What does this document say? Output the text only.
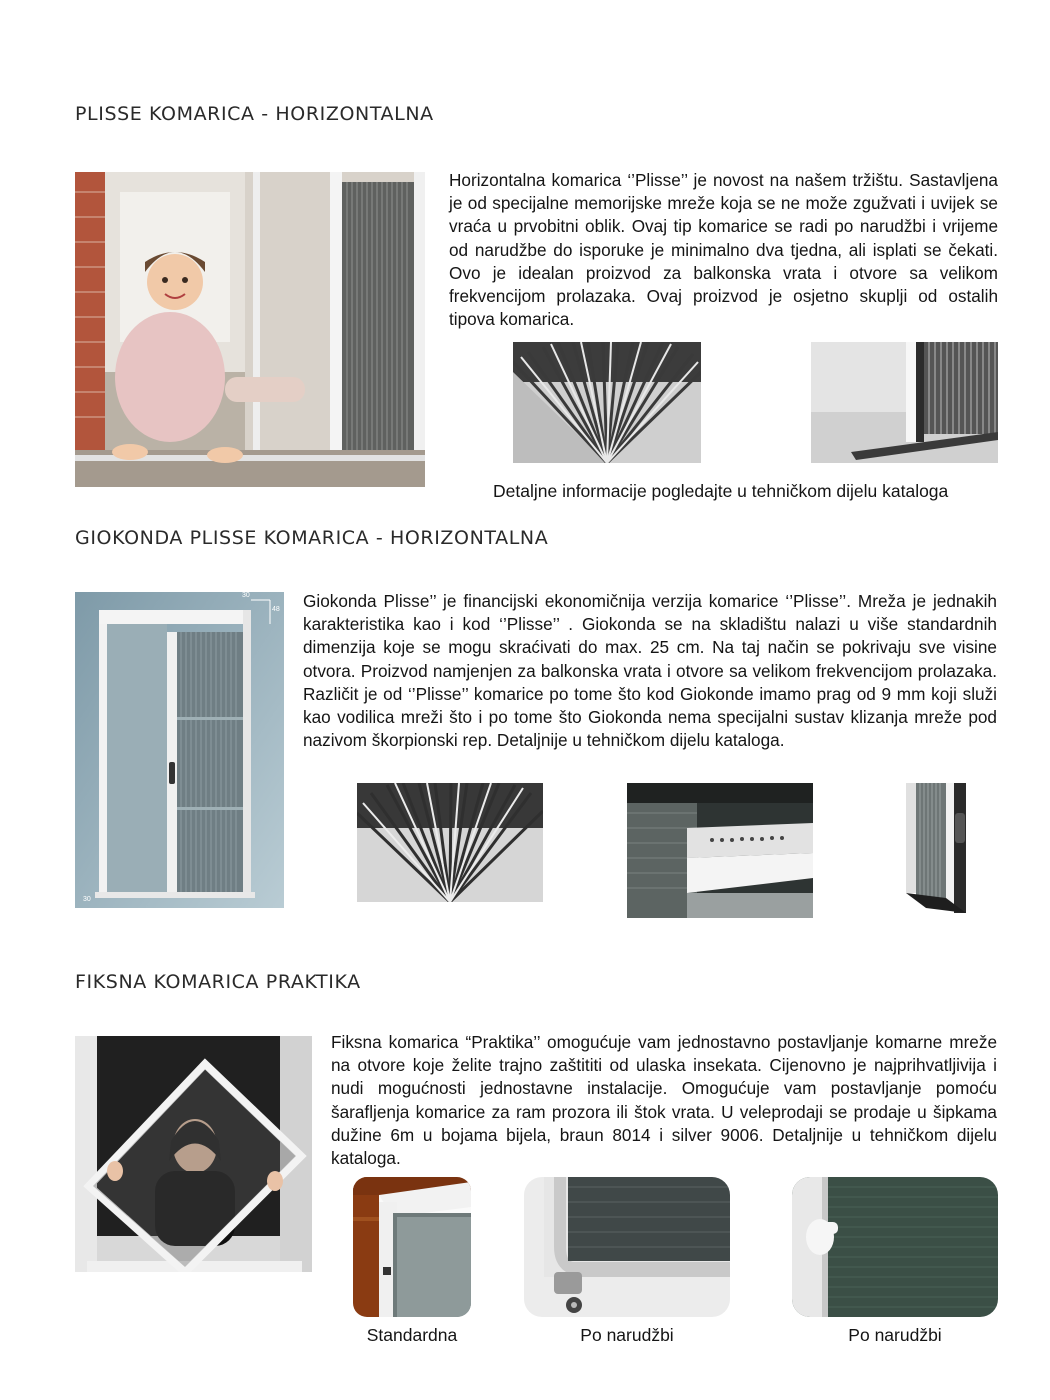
PLISSE KOMARICA - HORIZONTALNA

Horizontalna komarica ‘’Plisse’’ je novost na našem tržištu. Sastavljena je od specijalne memorijske mreže koja se ne može zgužvati i uvijek se vraća u prvobitni oblik. Ovaj tip komarice se radi po narudžbi i vrijeme od narudžbe do isporuke je minimalno dva tjedna, ali isplati se čekati. Ovo je idealan proizvod za balkonska vrata i otvore sa velikom frekvencijom prolazaka. Ovaj proizvod je osjetno skuplji od ostalih tipova komarica.

Detaljne informacije pogledajte u tehničkom dijelu kataloga
GIOKONDA PLISSE KOMARICA - HORIZONTALNA
30
48
30

Giokonda Plisse’’ je financijski ekonomičnija verzija komarice ‘’Plisse’’. Mreža je jednakih karakteristika kao i kod ‘’Plisse’’ . Giokonda se na skladištu nalazi u više standardnih dimenzija koje se mogu skraćivati do max. 25 cm. Na taj način se pokrivaju sve visine otvora. Proizvod namjenjen za balkonska vrata i otvore sa velikom frekvencijom prolazaka. Različit je od ‘’Plisse’’ komarice po tome što kod Giokonde imamo prag od 9 mm koji služi kao vodilica mreži što i po tome što Giokonda nema specijalni sustav klizanja mreže pod nazivom škorpionski rep. Detaljnije u tehničkom dijelu kataloga.

FIKSNA KOMARICA PRAKTIKA

Fiksna komarica “Praktika’’ omogućuje vam jednostavno postavljanje komarne mreže na otvore koje želite trajno zaštititi od ulaska insekata. Cijenovno je najprihvatljivija i nudi mogućnosti jednostavne instalacije. Omogućuje vam postavljanje pomoću šarafljenja komarice za ram prozora ili štok vrata. U veleprodaji se prodaje u šipkama dužine 6m u bojama bijela, braun 8014 i silver 9006. Detaljnije u tehničkom dijelu kataloga.

Standardna	Po narudžbi	Po narudžbi
